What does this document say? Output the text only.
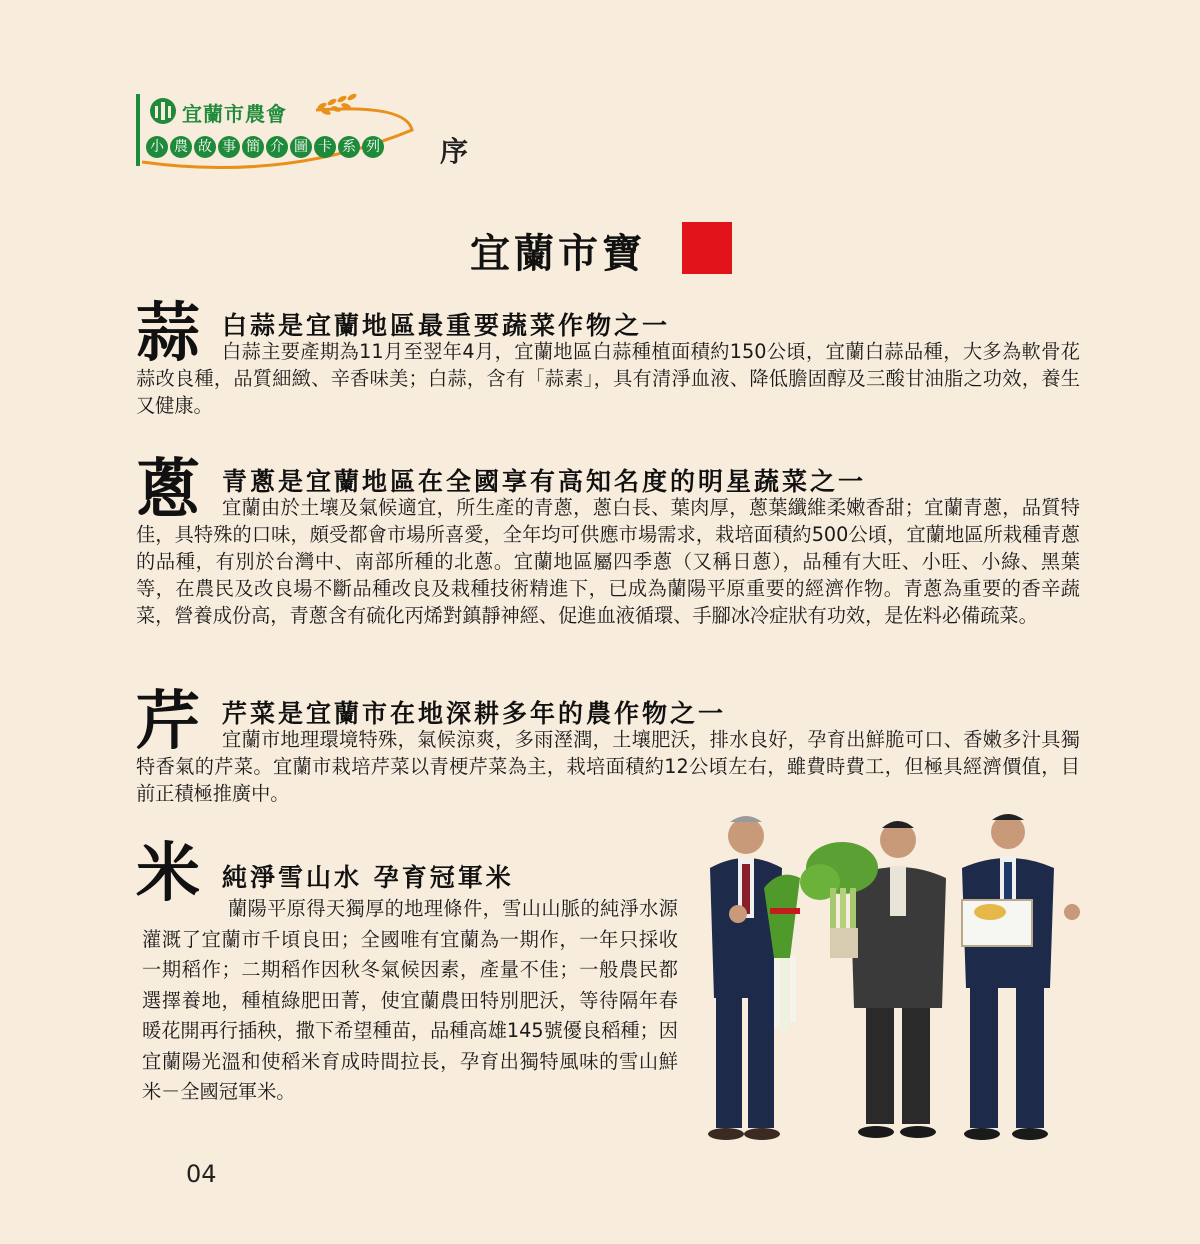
宜蘭市農會
小 農 故 事 簡 介 圖 卡 系 列 序
宜蘭市寶
蒜 白蒜是宜蘭地區最重要蔬菜作物之一
白蒜主要產期為11月至翌年4月，宜蘭地區白蒜種植面積約150公頃，宜蘭白蒜品種，大多為軟骨花蒜改良種，品質細緻、辛香味美；白蒜，含有「蒜素」，具有清淨血液、降低膽固醇及三酸甘油脂之功效，養生又健康。
蔥 青蔥是宜蘭地區在全國享有高知名度的明星蔬菜之一
宜蘭由於土壤及氣候適宜，所生產的青蔥，蔥白長、葉肉厚，蔥葉纖維柔嫩香甜；宜蘭青蔥，品質特佳，具特殊的口味，頗受都會市場所喜愛，全年均可供應市場需求，栽培面積約500公頃，宜蘭地區所栽種青蔥的品種，有別於台灣中、南部所種的北蔥。宜蘭地區屬四季蔥（又稱日蔥），品種有大旺、小旺、小綠、黑葉等，在農民及改良場不斷品種改良及栽種技術精進下，已成為蘭陽平原重要的經濟作物。青蔥為重要的香辛蔬菜，營養成份高，青蔥含有硫化丙烯對鎮靜神經、促進血液循環、手腳冰冷症狀有功效，是佐料必備疏菜。
芹 芹菜是宜蘭市在地深耕多年的農作物之一
宜蘭市地理環境特殊，氣候涼爽，多雨溼潤，土壤肥沃，排水良好，孕育出鮮脆可口、香嫩多汁具獨特香氣的芹菜。宜蘭市栽培芹菜以青梗芹菜為主，栽培面積約12公頃左右，雖費時費工，但極具經濟價值，目前正積極推廣中。
米 純淨雪山水 孕育冠軍米
蘭陽平原得天獨厚的地理條件，雪山山脈的純淨水源灌溉了宜蘭市千頃良田；全國唯有宜蘭為一期作，一年只採收一期稻作；二期稻作因秋冬氣候因素，產量不佳；一般農民都選擇養地，種植綠肥田菁，使宜蘭農田特別肥沃，等待隔年春暖花開再行插秧，撒下希望種苗，品種高雄145號優良稻種；因宜蘭陽光溫和使稻米育成時間拉長，孕育出獨特風味的雪山鮮米－全國冠軍米。
04
